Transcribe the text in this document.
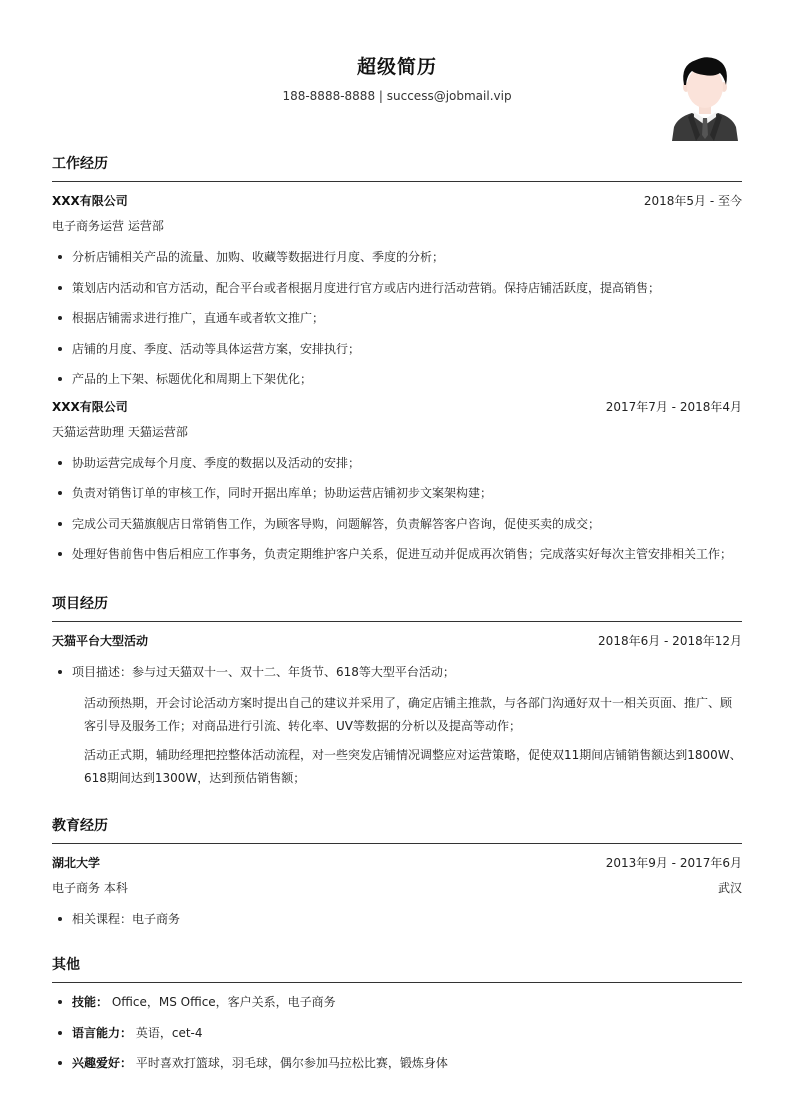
超级简历
188-8888-8888 | success@jobmail.vip
工作经历
XXX有限公司	2018年5月 - 至今
电子商务运营 运营部
分析店铺相关产品的流量、加购、收藏等数据进行月度、季度的分析；
策划店内活动和官方活动，配合平台或者根据月度进行官方或店内进行活动营销。保持店铺活跃度，提高销售；
根据店铺需求进行推广，直通车或者软文推广；
店铺的月度、季度、活动等具体运营方案，安排执行；
产品的上下架、标题优化和周期上下架优化；
XXX有限公司	2017年7月 - 2018年4月
天猫运营助理 天猫运营部
协助运营完成每个月度、季度的数据以及活动的安排；
负责对销售订单的审核工作，同时开据出库单；协助运营店铺初步文案架构建；
完成公司天猫旗舰店日常销售工作，为顾客导购，问题解答，负责解答客户咨询，促使买卖的成交；
处理好售前售中售后相应工作事务，负责定期维护客户关系，促进互动并促成再次销售；完成落实好每次主管安排相关工作；
项目经历
天猫平台大型活动	2018年6月 - 2018年12月
项目描述：参与过天猫双十一、双十二、年货节、618等大型平台活动；
活动预热期，开会讨论活动方案时提出自己的建议并采用了，确定店铺主推款，与各部门沟通好双十一相关页面、推广、顾客引导及服务工作；对商品进行引流、转化率、UV等数据的分析以及提高等动作；
活动正式期，辅助经理把控整体活动流程，对一些突发店铺情况调整应对运营策略，促使双11期间店铺销售额达到1800W、618期间达到1300W，达到预估销售额；
教育经历
湖北大学	2013年9月 - 2017年6月
电子商务 本科	武汉
相关课程：电子商务
其他
技能： Office，MS Office，客户关系，电子商务
语言能力： 英语，cet-4
兴趣爱好： 平时喜欢打篮球，羽毛球，偶尔参加马拉松比赛，锻炼身体
